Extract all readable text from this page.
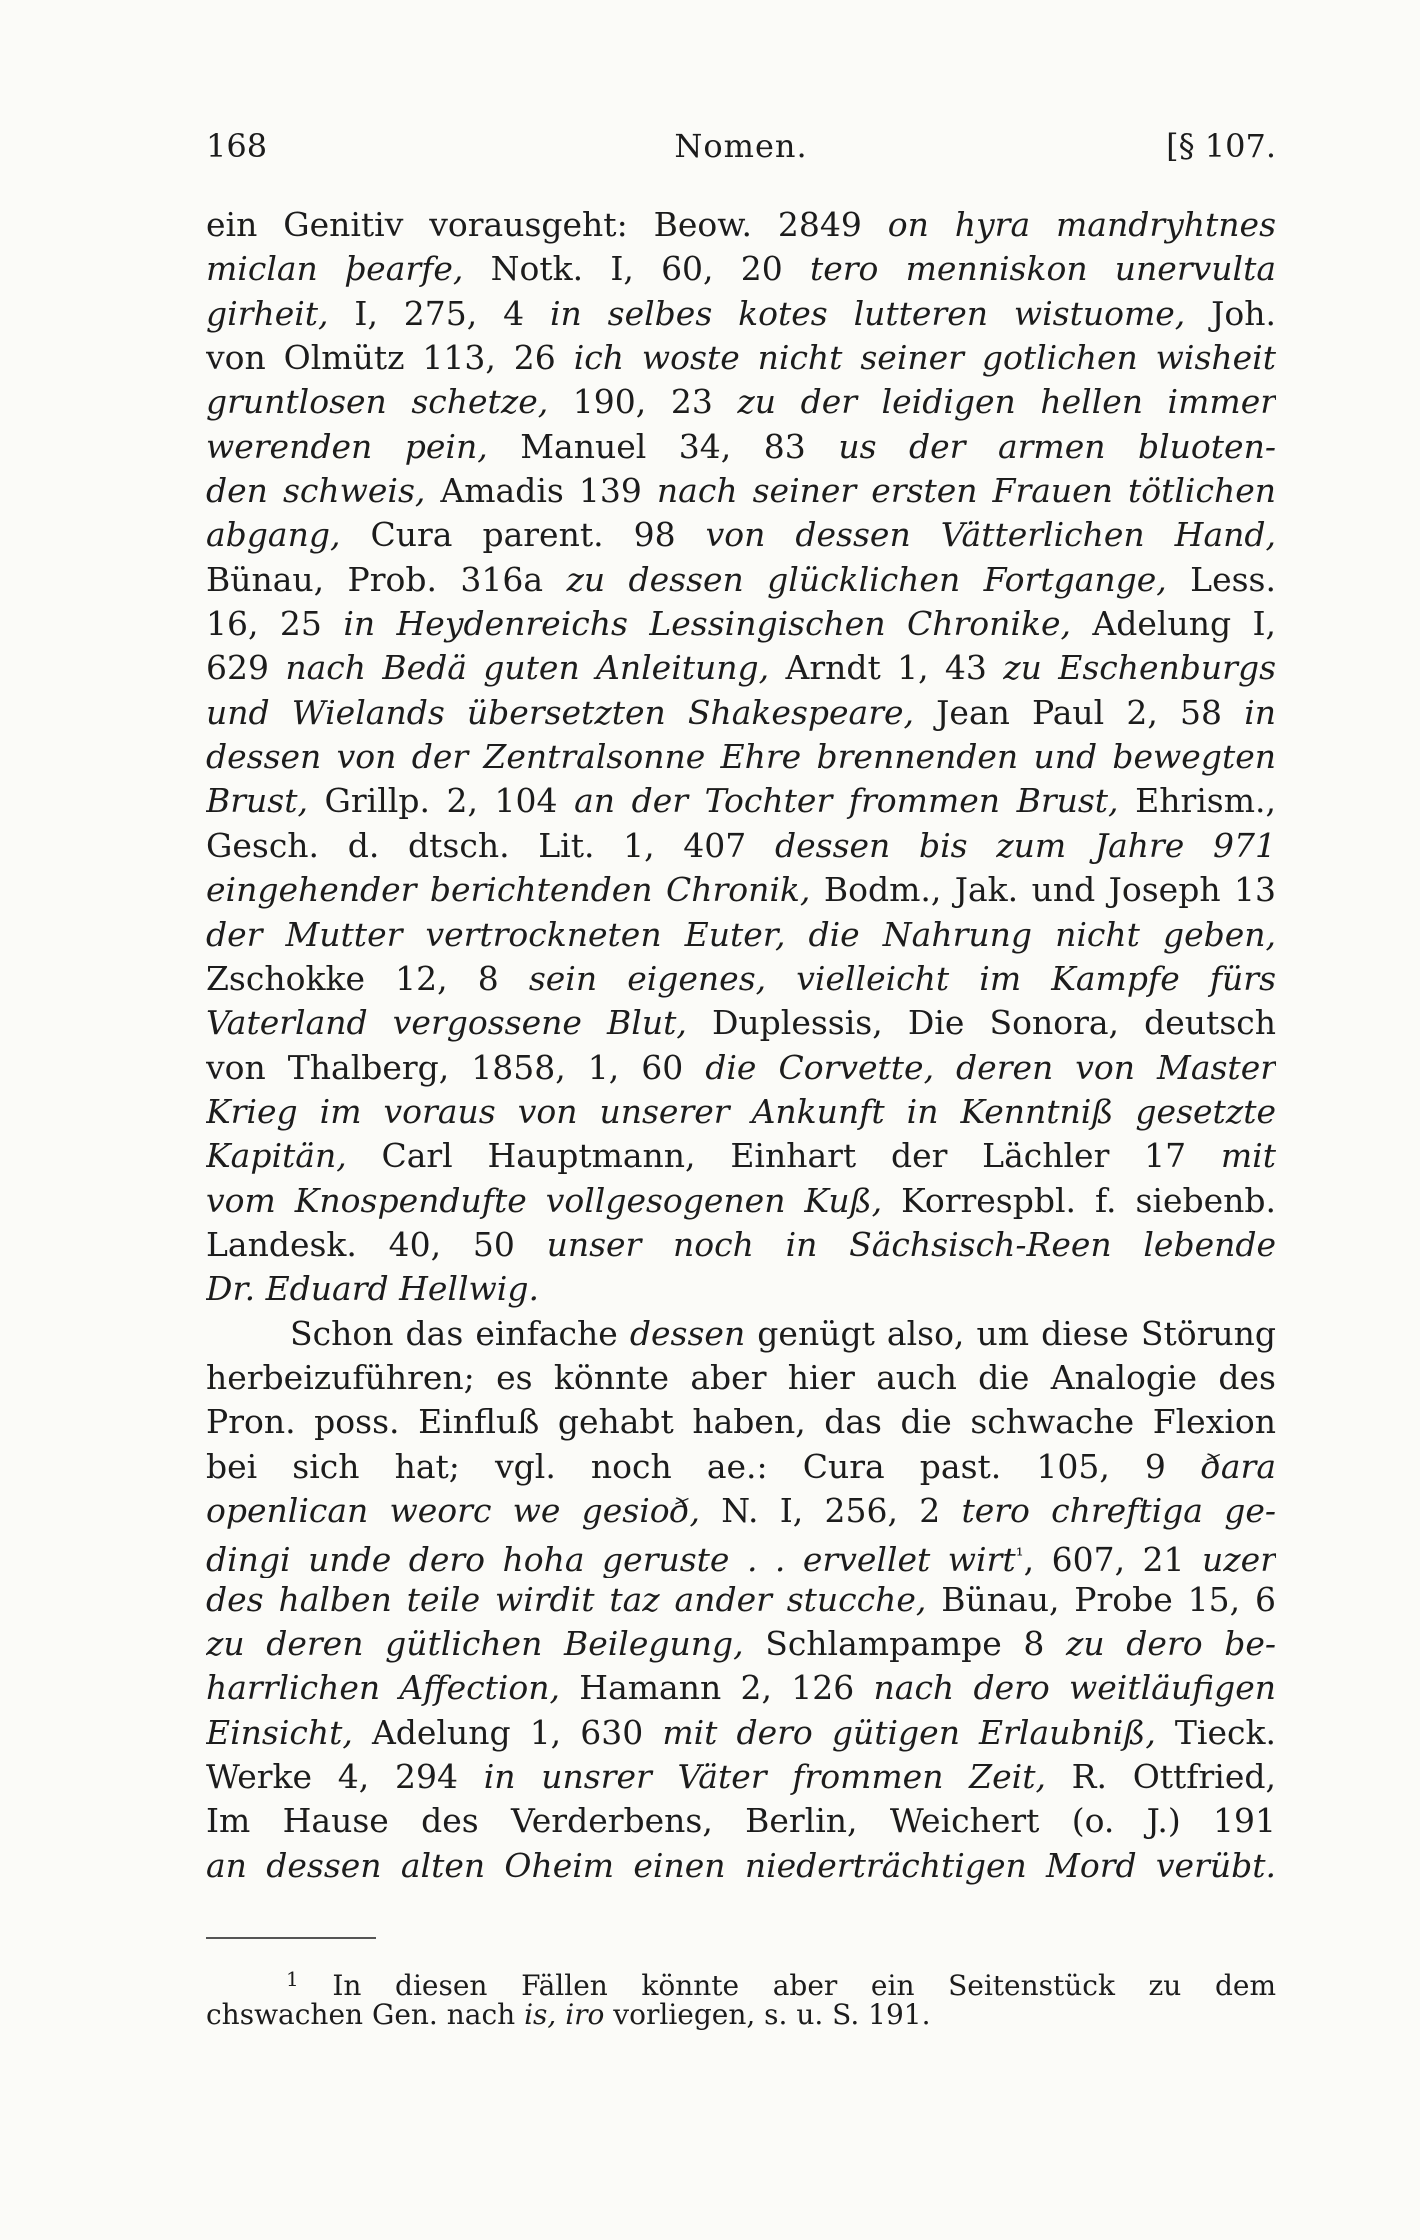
168	Nomen.	[§ 107.
ein Genitiv vorausgeht: Beow. 2849 on hyra mandryhtnes
miclan þearfe, Notk. I, 60, 20 tero menniskon unervulta
girheit, I, 275, 4 in selbes kotes lutteren wistuome, Joh.
von Olmütz 113, 26 ich woste nicht seiner gotlichen wisheit
gruntlosen schetze, 190, 23 zu der leidigen hellen immer
werenden pein, Manuel 34, 83 us der armen bluoten-
den schweis, Amadis 139 nach seiner ersten Frauen tötlichen
abgang, Cura parent. 98 von dessen Vätterlichen Hand,
Bünau, Prob. 316a zu dessen glücklichen Fortgange, Less.
16, 25 in Heydenreichs Lessingischen Chronike, Adelung I,
629 nach Bedä guten Anleitung, Arndt 1, 43 zu Eschenburgs
und Wielands übersetzten Shakespeare, Jean Paul 2, 58 in
dessen von der Zentralsonne Ehre brennenden und bewegten
Brust, Grillp. 2, 104 an der Tochter frommen Brust, Ehrism.,
Gesch. d. dtsch. Lit. 1, 407 dessen bis zum Jahre 971
eingehender berichtenden Chronik, Bodm., Jak. und Joseph 13
der Mutter vertrockneten Euter, die Nahrung nicht geben,
Zschokke 12, 8 sein eigenes, vielleicht im Kampfe fürs
Vaterland vergossene Blut, Duplessis, Die Sonora, deutsch
von Thalberg, 1858, 1, 60 die Corvette, deren von Master
Krieg im voraus von unserer Ankunft in Kenntniß gesetzte
Kapitän, Carl Hauptmann, Einhart der Lächler 17 mit
vom Knospendufte vollgesogenen Kuß, Korrespbl. f. siebenb.
Landesk. 40, 50 unser noch in Sächsisch-Reen lebende
Dr. Eduard Hellwig.
Schon das einfache dessen genügt also, um diese Störung
herbeizuführen; es könnte aber hier auch die Analogie des
Pron. poss. Einfluß gehabt haben, das die schwache Flexion
bei sich hat; vgl. noch ae.: Cura past. 105, 9 ðara
openlican weorc we gesioð, N. I, 256, 2 tero chreftiga ge-
dingi unde dero hoha geruste . . ervellet wirt$^{^1}$, 607, 21 uzer
des halben teile wirdit taz ander stucche, Bünau, Probe 15, 6
zu deren gütlichen Beilegung, Schlampampe 8 zu dero be-
harrlichen Affection, Hamann 2, 126 nach dero weitläufigen
Einsicht, Adelung 1, 630 mit dero gütigen Erlaubniß, Tieck.
Werke 4, 294 in unsrer Väter frommen Zeit, R. Ottfried,
Im Hause des Verderbens, Berlin, Weichert (o. J.) 191
an dessen alten Oheim einen niederträchtigen Mord verübt.
$^1$ In diesen Fällen könnte aber ein Seitenstück zu dem
chswachen Gen. nach is, iro vorliegen, s. u. S. 191.
